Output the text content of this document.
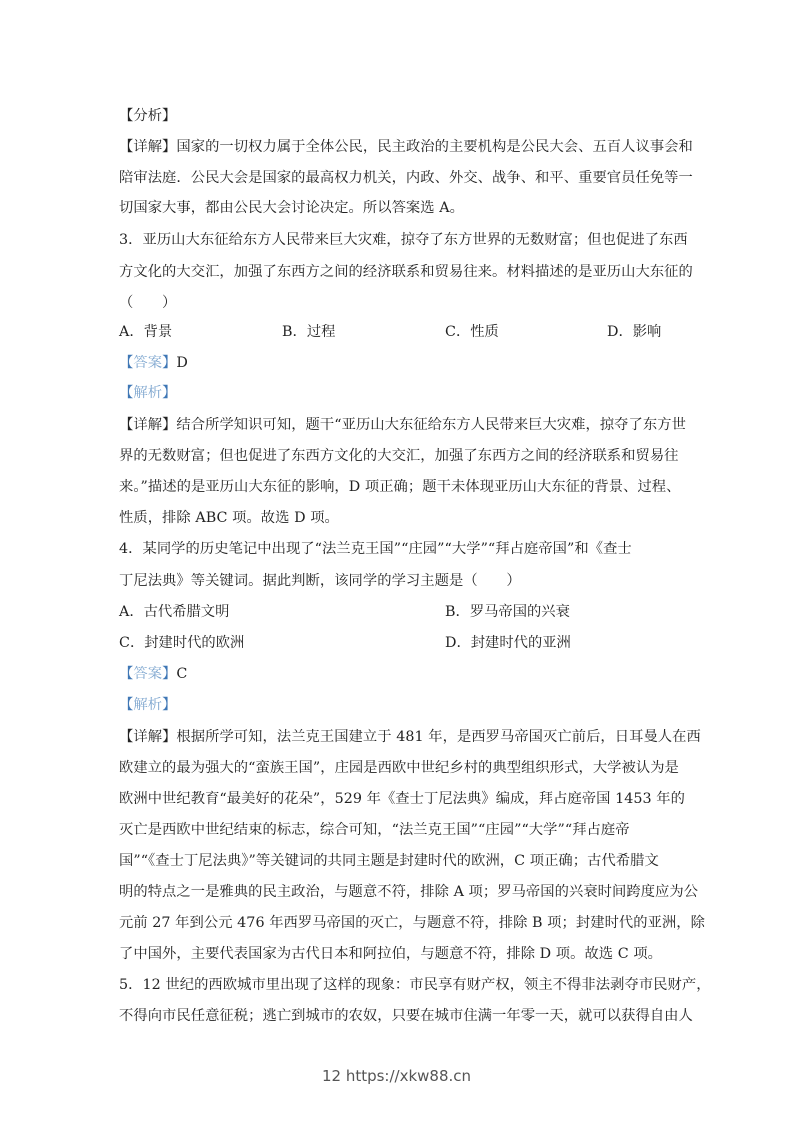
【分析】
【详解】国家的一切权力属于全体公民，民主政治的主要机构是公民大会、五百人议事会和
陪审法庭．公民大会是国家的最高权力机关，内政、外交、战争、和平、重要官员任免等一
切国家大事，都由公民大会讨论决定。所以答案选 A。
3．亚历山大东征给东方人民带来巨大灾难，掠夺了东方世界的无数财富；但也促进了东西
方文化的大交汇，加强了东西方之间的经济联系和贸易往来。材料描述的是亚历山大东征的
（　　）
A．背景	B．过程	C．性质	D．影响
【答案】D
【解析】
【详解】结合所学知识可知，题干“亚历山大东征给东方人民带来巨大灾难，掠夺了东方世
界的无数财富；但也促进了东西方文化的大交汇，加强了东西方之间的经济联系和贸易往
来。”描述的是亚历山大东征的影响，D 项正确；题干未体现亚历山大东征的背景、过程、
性质，排除 ABC 项。故选 D 项。
4．某同学的历史笔记中出现了“法兰克王国”“庄园”“大学”“拜占庭帝国”和《查士
丁尼法典》等关键词。据此判断，该同学的学习主题是（　　）
A．古代希腊文明	B．罗马帝国的兴衰
C．封建时代的欧洲	D．封建时代的亚洲
【答案】C
【解析】
【详解】根据所学可知，法兰克王国建立于 481 年，是西罗马帝国灭亡前后，日耳曼人在西
欧建立的最为强大的“蛮族王国”，庄园是西欧中世纪乡村的典型组织形式，大学被认为是
欧洲中世纪教育“最美好的花朵”，529 年《查士丁尼法典》编成，拜占庭帝国 1453 年的
灭亡是西欧中世纪结束的标志，综合可知，“法兰克王国”“庄园”“大学”“拜占庭帝
国”“《查士丁尼法典》”等关键词的共同主题是封建时代的欧洲，C 项正确；古代希腊文
明的特点之一是雅典的民主政治，与题意不符，排除 A 项；罗马帝国的兴衰时间跨度应为公
元前 27 年到公元 476 年西罗马帝国的灭亡，与题意不符，排除 B 项；封建时代的亚洲，除
了中国外，主要代表国家为古代日本和阿拉伯，与题意不符，排除 D 项。故选 C 项。
5．12 世纪的西欧城市里出现了这样的现象：市民享有财产权，领主不得非法剥夺市民财产，
不得向市民任意征税；逃亡到城市的农奴，只要在城市住满一年零一天，就可以获得自由人
12 https://xkw88.cn
